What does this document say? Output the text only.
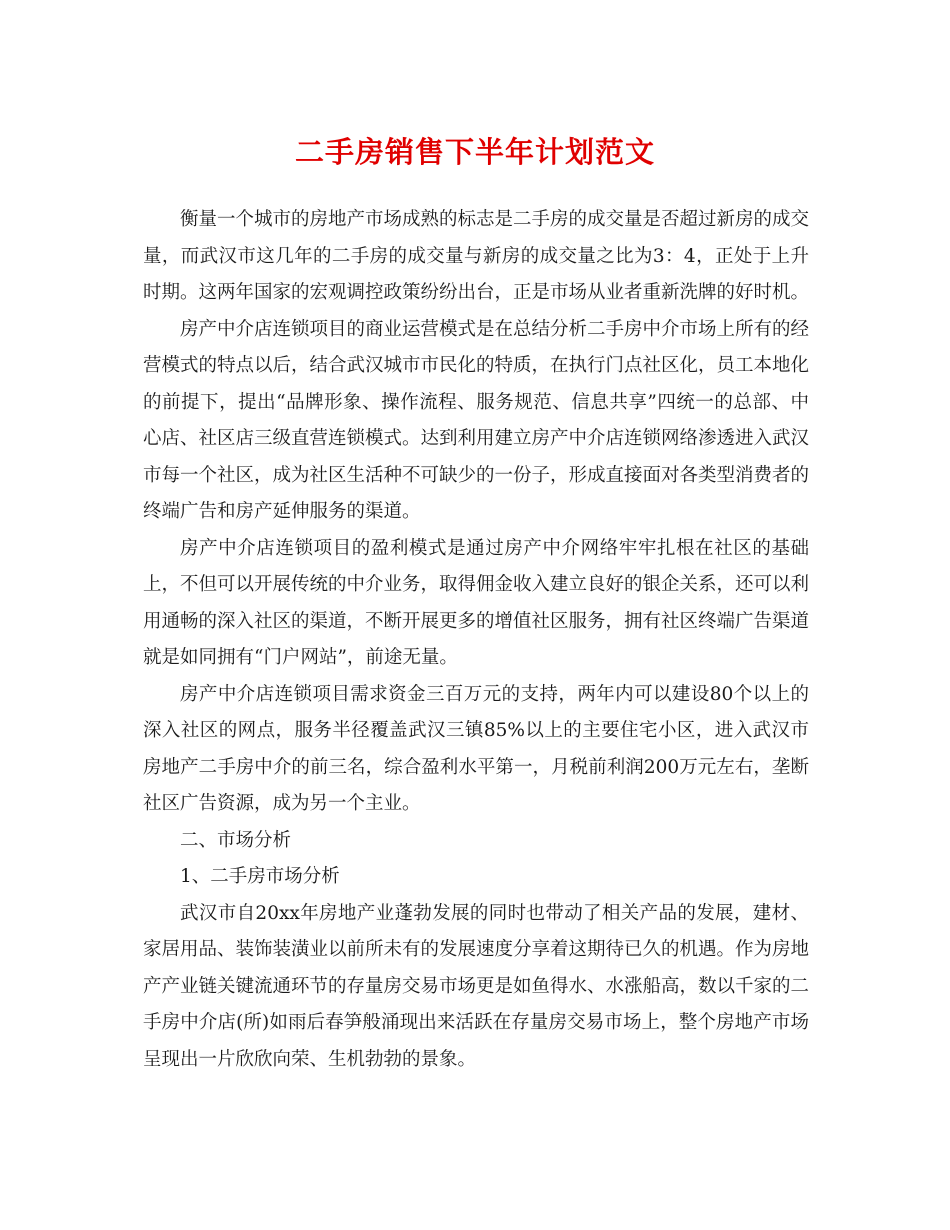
二手房销售下半年计划范文

衡量一个城市的房地产市场成熟的标志是二手房的成交量是否超过新房的成交量，而武汉市这几年的二手房的成交量与新房的成交量之比为3：4，正处于上升时期。这两年国家的宏观调控政策纷纷出台，正是市场从业者重新洗牌的好时机。

房产中介店连锁项目的商业运营模式是在总结分析二手房中介市场上所有的经营模式的特点以后，结合武汉城市市民化的特质，在执行门点社区化，员工本地化的前提下，提出“品牌形象、操作流程、服务规范、信息共享”四统一的总部、中心店、社区店三级直营连锁模式。达到利用建立房产中介店连锁网络渗透进入武汉市每一个社区，成为社区生活种不可缺少的一份子，形成直接面对各类型消费者的终端广告和房产延伸服务的渠道。

房产中介店连锁项目的盈利模式是通过房产中介网络牢牢扎根在社区的基础上，不但可以开展传统的中介业务，取得佣金收入建立良好的银企关系，还可以利用通畅的深入社区的渠道，不断开展更多的增值社区服务，拥有社区终端广告渠道就是如同拥有“门户网站”，前途无量。

房产中介店连锁项目需求资金三百万元的支持，两年内可以建设80个以上的深入社区的网点，服务半径覆盖武汉三镇85%以上的主要住宅小区，进入武汉市房地产二手房中介的前三名，综合盈利水平第一，月税前利润200万元左右，垄断社区广告资源，成为另一个主业。

二、市场分析

1、二手房市场分析

武汉市自20xx年房地产业蓬勃发展的同时也带动了相关产品的发展，建材、家居用品、装饰装潢业以前所未有的发展速度分享着这期待已久的机遇。作为房地产产业链关键流通环节的存量房交易市场更是如鱼得水、水涨船高，数以千家的二手房中介店(所)如雨后春笋般涌现出来活跃在存量房交易市场上，整个房地产市场呈现出一片欣欣向荣、生机勃勃的景象。
